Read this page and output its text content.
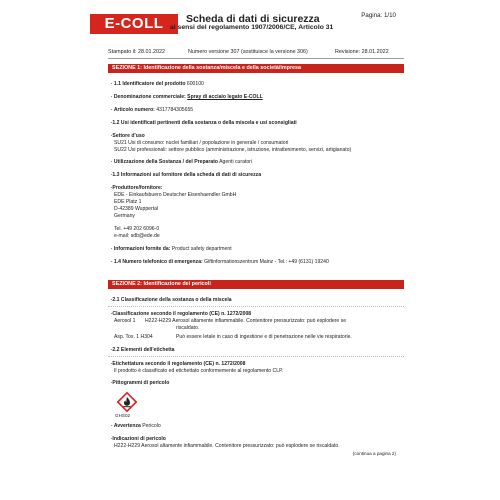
E-COLL	Scheda di dati di sicurezza
ai sensi del regolamento 1907/2006/CE, Articolo 31
Pagina: 1/10
Stampato il: 28.01.2022	Numero versione 307 (sostituisce la versione 306)	Revisione: 28.01.2022
SEZIONE 1: Identificazione della sostanza/miscela e della società/impresa
∙ 1.1 Identificatore del prodotto 600100
∙ Denominazione commerciale: Spray di acciaio legato E-COLL
∙ Articolo numero: 4317784305655
∙ 1.2 Usi identificati pertinenti della sostanza o della miscela e usi sconsigliati
∙ Settore d'uso
SU21 Usi di consumo: nuclei familiari / popolazione in generale / consumatori
SU22 Usi professionali: settore pubblico (amministrazione, istruzione, intrattenimento, servizi, artigianato)
∙ Utilizzazione della Sostanza / del Preparato Agenti curatori
∙ 1.3 Informazioni sul fornitore della scheda di dati di sicurezza
∙ Produttore/fornitore:
EDE - Einkaufsbuero Deutscher Eisenhaendler GmbH
EDE Platz 1
D-42389 Wuppertal
Germany
Tel. +49 202 6096-0
e-mail: sdb@ede.de
∙ Informazioni fornite da: Product safety department
∙ 1.4 Numero telefonico di emergenza: Giftinformationszentrum Mainz - Tel.: +49 (6131) 19240
SEZIONE 2: Identificazione dei pericoli
∙ 2.1 Classificazione della sostanza o della miscela
∙ Classificazione secondo il regolamento (CE) n. 1272/2008
Aerosol 1 H222-H229 Aerosol altamente infiammabile. Contenitore pressurizzato: può esplodere se
riscaldato.
Asp. Tox. 1 H304	Può essere letale in caso di ingestione e di penetrazione nelle vie respiratorie.
∙ 2.2 Elementi dell'etichetta
∙ Etichettatura secondo il regolamento (CE) n. 1272/2008
Il prodotto è classificato ed etichettato conformemente al regolamento CLP.
∙ Pittogrammi di pericolo
GHS02
∙ Avvertenza Pericolo
∙ Indicazioni di pericolo
H222-H229 Aerosol altamente infiammabile. Contenitore pressurizzato: può esplodere se riscaldato.
(continua a pagina 2)
